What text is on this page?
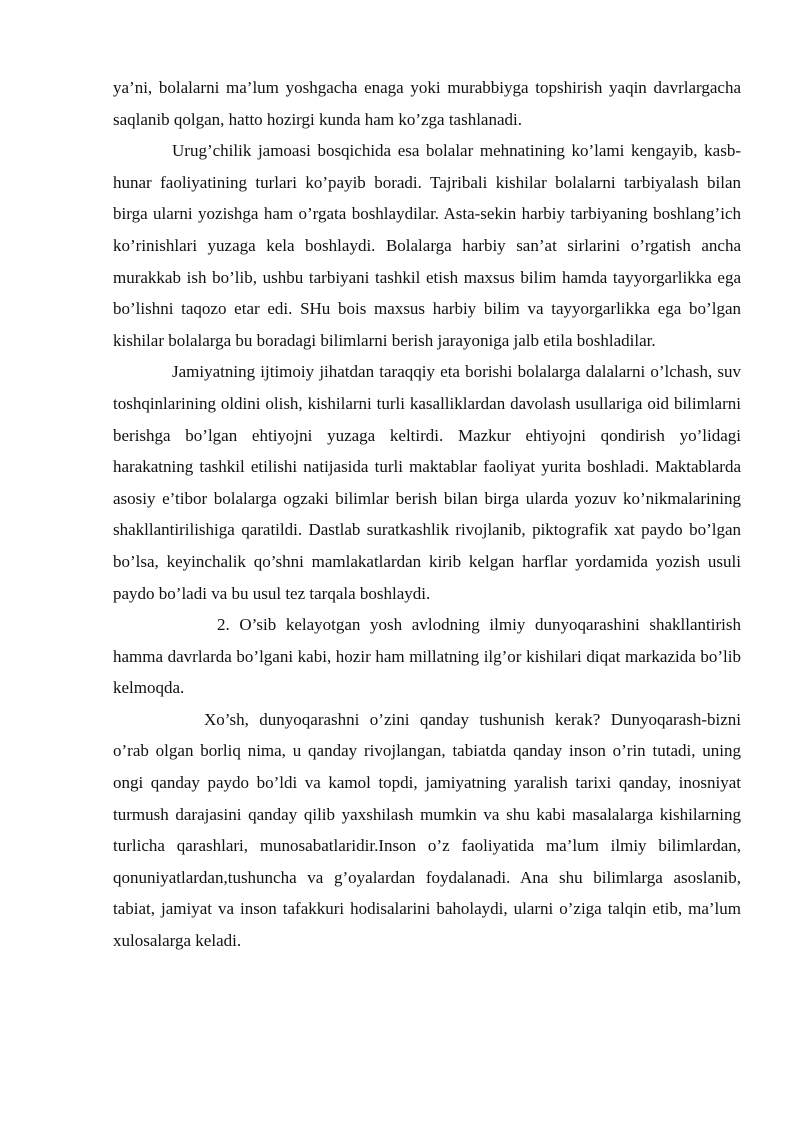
ya’ni, bolalarni ma’lum yoshgacha enaga yoki murabbiyga topshirish yaqin davrlargacha saqlanib qolgan, hatto hozirgi kunda ham ko’zga tashlanadi.

Urug’chilik jamoasi bosqichida esa bolalar mehnatining ko’lami kengayib, kasb-hunar faoliyatining turlari ko’payib boradi. Tajribali kishilar bolalarni tarbiyalash bilan birga ularni yozishga ham o’rgata boshlaydilar. Asta-sekin harbiy tarbiyaning boshlang’ich ko’rinishlari yuzaga kela boshlaydi. Bolalarga harbiy san’at sirlarini o’rgatish ancha murakkab ish bo’lib, ushbu tarbiyani tashkil etish maxsus bilim hamda tayyorgarlikka ega bo’lishni taqozo etar edi. SHu bois maxsus harbiy bilim va tayyorgarlikka ega bo’lgan kishilar bolalarga bu boradagi bilimlarni berish jarayoniga jalb etila boshladilar.

Jamiyatning ijtimoiy jihatdan taraqqiy eta borishi bolalarga dalalarni o’lchash, suv toshqinlarining oldini olish, kishilarni turli kasalliklardan davolash usullariga oid bilimlarni berishga bo’lgan ehtiyojni yuzaga keltirdi. Mazkur ehtiyojni qondirish yo’lidagi harakatning tashkil etilishi natijasida turli maktablar faoliyat yurita boshladi. Maktablarda asosiy e’tibor bolalarga ogzaki bilimlar berish bilan birga ularda yozuv ko’nikmalarining shakllantirilishiga qaratildi. Dastlab suratkashlik rivojlanib, piktografik xat paydo bo’lgan bo’lsa, keyinchalik qo’shni mamlakatlardan kirib kelgan harflar yordamida yozish usuli paydo bo’ladi va bu usul tez tarqala boshlaydi.

2. O’sib kelayotgan yosh avlodning ilmiy dunyoqarashini shakllantirish hamma davrlarda bo’lgani kabi, hozir ham millatning ilg’or kishilari diqat markazida bo’lib kelmoqda.

Xo’sh, dunyoqarashni o’zini qanday tushunish kerak? Dunyoqarash-bizni o’rab olgan borliq nima, u qanday rivojlangan, tabiatda qanday inson o’rin tutadi, uning ongi qanday paydo bo’ldi va kamol topdi, jamiyatning yaralish tarixi qanday, inosniyat turmush darajasini qanday qilib yaxshilash mumkin va shu kabi masalalarga kishilarning turlicha qarashlari, munosabatlaridir.Inson o’z faoliyatida ma’lum ilmiy bilimlardan, qonuniyatlardan,tushuncha va g’oyalardan foydalanadi. Ana shu bilimlarga asoslanib, tabiat, jamiyat va inson tafakkuri hodisalarini baholaydi, ularni o’ziga talqin etib, ma’lum xulosalarga keladi.
